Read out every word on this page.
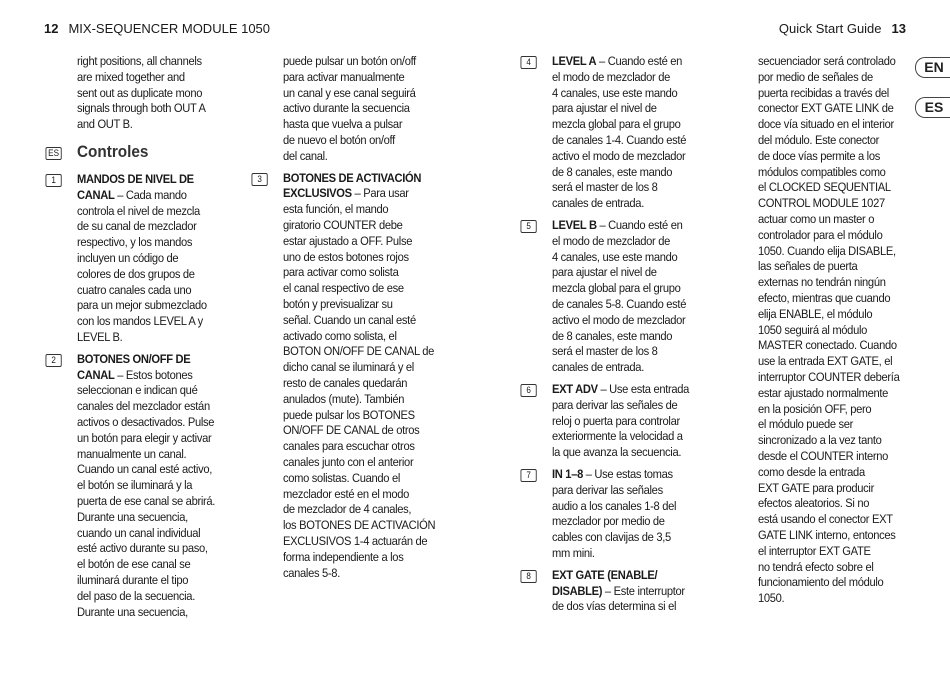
12 MIX-SEQUENCER MODULE 1050	Quick Start Guide 13
EN
ES

right positions, all channels

are mixed together and

sent out as duplicate mono

signals through both OUT A

and OUT B.

ES Controles

1	MANDOS DE NIVEL DE

CANAL – Cada mando

controla el nivel de mezcla

de su canal de mezclador

respectivo, y los mandos

incluyen un código de

colores de dos grupos de

cuatro canales cada uno

para un mejor submezclado

con los mandos LEVEL A y

LEVEL B.

2	BOTONES ON/OFF DE

CANAL – Estos botones

seleccionan e indican qué

canales del mezclador están

activos o desactivados. Pulse

un botón para elegir y activar

manualmente un canal.

Cuando un canal esté activo,

el botón se iluminará y la

puerta de ese canal se abrirá.

Durante una secuencia,

cuando un canal individual

esté activo durante su paso,

el botón de ese canal se

iluminará durante el tipo

del paso de la secuencia.

Durante una secuencia,

puede pulsar un botón on/off

para activar manualmente

un canal y ese canal seguirá

activo durante la secuencia

hasta que vuelva a pulsar

de nuevo el botón on/off

del canal.

3	BOTONES DE ACTIVACIÓN

EXCLUSIVOS – Para usar

esta función, el mando

giratorio COUNTER debe

estar ajustado a OFF. Pulse

uno de estos botones rojos

para activar como solista

el canal respectivo de ese

botón y previsualizar su

señal. Cuando un canal esté

activado como solista, el

BOTON ON/OFF DE CANAL de

dicho canal se iluminará y el

resto de canales quedarán

anulados (mute). También

puede pulsar los BOTONES

ON/OFF DE CANAL de otros

canales para escuchar otros

canales junto con el anterior

como solistas. Cuando el

mezclador esté en el modo

de mezclador de 4 canales,

los BOTONES DE ACTIVACIÓN

EXCLUSIVOS 1-4 actuarán de

forma independiente a los

canales 5-8.

4	LEVEL A – Cuando esté en

el modo de mezclador de

4 canales, use este mando

para ajustar el nivel de

mezcla global para el grupo

de canales 1-4. Cuando esté

activo el modo de mezclador

de 8 canales, este mando

será el master de los 8

canales de entrada.

5	LEVEL B – Cuando esté en

el modo de mezclador de

4 canales, use este mando

para ajustar el nivel de

mezcla global para el grupo

de canales 5-8. Cuando esté

activo el modo de mezclador

de 8 canales, este mando

será el master de los 8

canales de entrada.

6	EXT ADV – Use esta entrada

para derivar las señales de

reloj o puerta para controlar

exteriormente la velocidad a

la que avanza la secuencia.

7	IN 1–8 – Use estas tomas

para derivar las señales

audio a los canales 1-8 del

mezclador por medio de

cables con clavijas de 3,5

mm mini.

8	EXT GATE (ENABLE/

DISABLE) – Este interruptor

de dos vías determina si el

secuenciador será controlado

por medio de señales de

puerta recibidas a través del

conector EXT GATE LINK de

doce vía situado en el interior

del módulo. Este conector

de doce vías permite a los

módulos compatibles como

el CLOCKED SEQUENTIAL

CONTROL MODULE 1027

actuar como un master o

controlador para el módulo

1050. Cuando elija DISABLE,

las señales de puerta

externas no tendrán ningún

efecto, mientras que cuando

elija ENABLE, el módulo

1050 seguirá al módulo

MASTER conectado. Cuando

use la entrada EXT GATE, el

interruptor COUNTER debería

estar ajustado normalmente

en la posición OFF, pero

el módulo puede ser

sincronizado a la vez tanto

desde el COUNTER interno

como desde la entrada

EXT GATE para producir

efectos aleatorios. Si no

está usando el conector EXT

GATE LINK interno, entonces

el interruptor EXT GATE

no tendrá efecto sobre el

funcionamiento del módulo

1050.
